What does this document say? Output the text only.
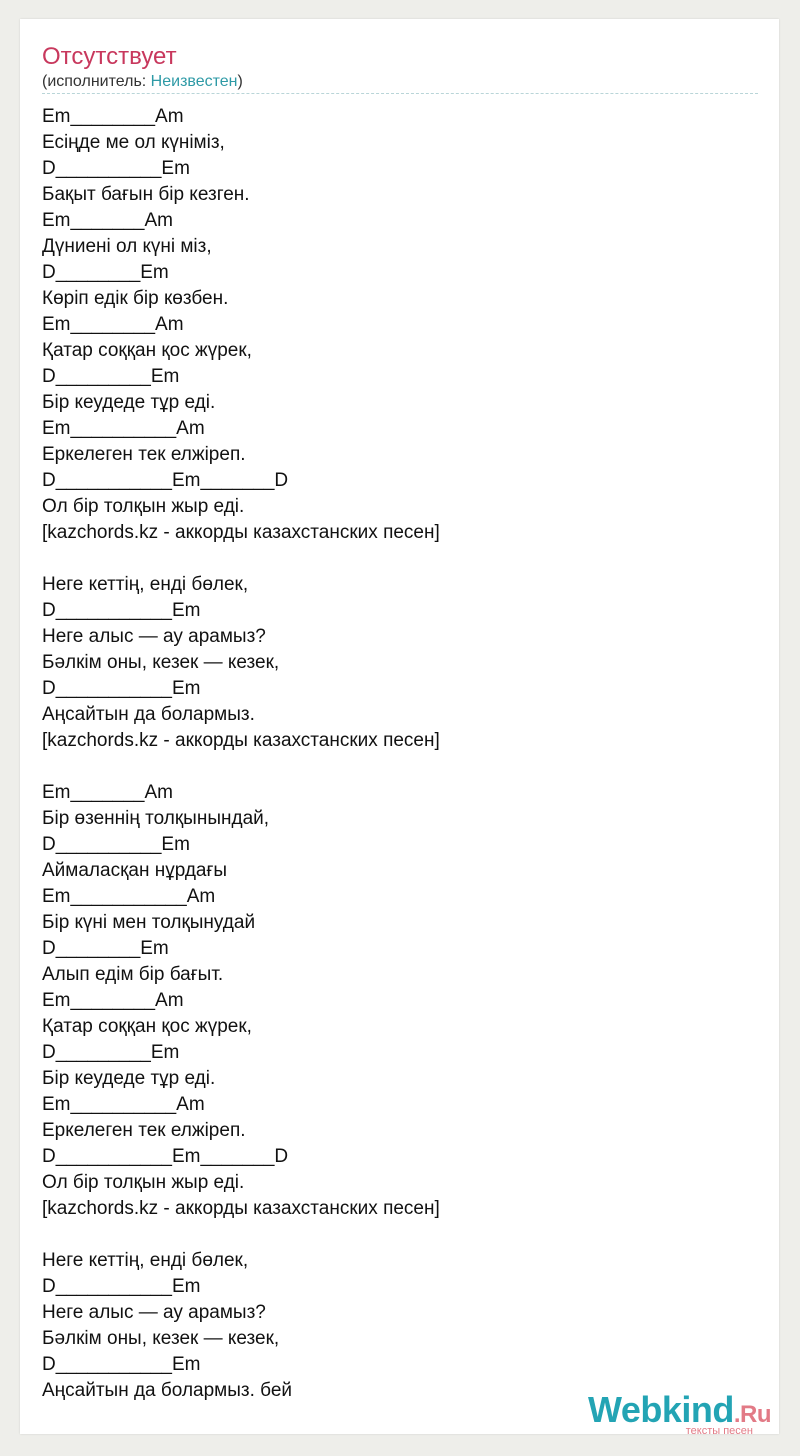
Отсутствует
(исполнитель: Неизвестен)
Em________Am
Есіңде ме ол күніміз,
D__________Em
Бақыт бағын бір кезген.
Em_______Am
Дүниені ол күні міз,
D________Em
Көріп едік бір көзбен.
Em________Am
Қатар соққан қос жүрек,
D_________Em
Бір кеудеде тұр еді.
Em__________Am
Еркелеген тек елжіреп.
D___________Em_______D
Ол бір толқын жыр еді.
[kazchords.kz - аккорды казахстанских песен]
Неге кеттің, енді бөлек,
D___________Em
Неге алыс — ау арамыз?
Бәлкім оны, кезек — кезек,
D___________Em
Аңсайтын да болармыз.
[kazchords.kz - аккорды казахстанских песен]
Em_______Am
Бір өзеннің толқынындай,
D__________Em
Аймаласқан нұрдағы
Em___________Am
Бір күні мен толқынудай
D________Em
Алып едім бір бағыт.
Em________Am
Қатар соққан қос жүрек,
D_________Em
Бір кеудеде тұр еді.
Em__________Am
Еркелеген тек елжіреп.
D___________Em_______D
Ол бір толқын жыр еді.
[kazchords.kz - аккорды казахстанских песен]
Неге кеттің, енді бөлек,
D___________Em
Неге алыс — ау арамыз?
Бәлкім оны, кезек — кезек,
D___________Em
Аңсайтын да болармыз. бей	Webkind.Ru
тексты песен
